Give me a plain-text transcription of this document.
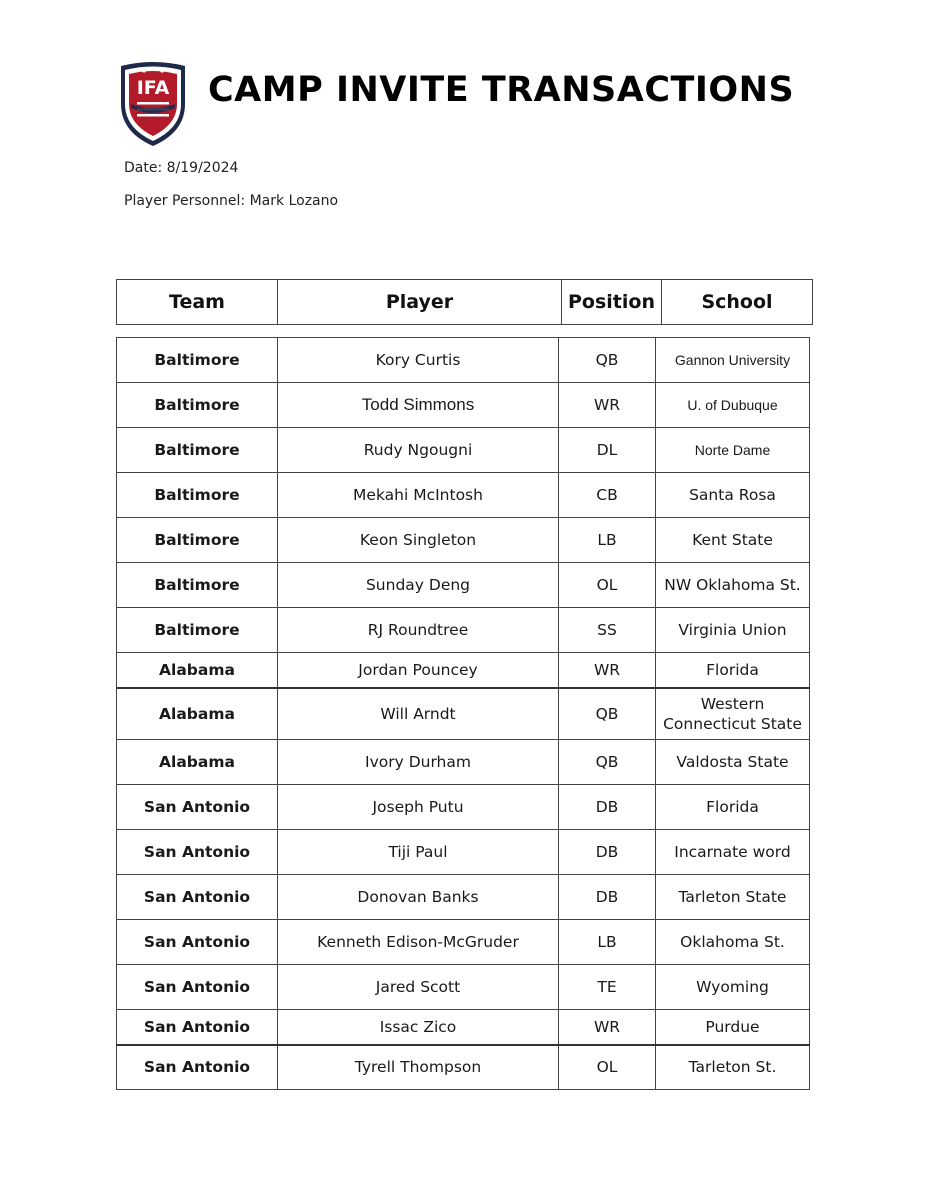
IFA CAMP INVITE TRANSACTIONS
Date: 8/19/2024
Player Personnel: Mark Lozano
Team	Player	Position	School
Baltimore	Kory Curtis	QB	Gannon University
Baltimore	Todd Simmons	WR	U. of Dubuque
Baltimore	Rudy Ngougni	DL	Norte Dame
Baltimore	Mekahi McIntosh	CB	Santa Rosa
Baltimore	Keon Singleton	LB	Kent State
Baltimore	Sunday Deng	OL	NW Oklahoma St.
Baltimore	RJ Roundtree	SS	Virginia Union
Alabama	Jordan Pouncey	WR	Florida
Alabama	Will Arndt	QB	Western Connecticut State
Alabama	Ivory Durham	QB	Valdosta State
San Antonio	Joseph Putu	DB	Florida
San Antonio	Tiji Paul	DB	Incarnate word
San Antonio	Donovan Banks	DB	Tarleton State
San Antonio	Kenneth Edison-McGruder	LB	Oklahoma St.
San Antonio	Jared Scott	TE	Wyoming
San Antonio	Issac Zico	WR	Purdue
San Antonio	Tyrell Thompson	OL	Tarleton St.
